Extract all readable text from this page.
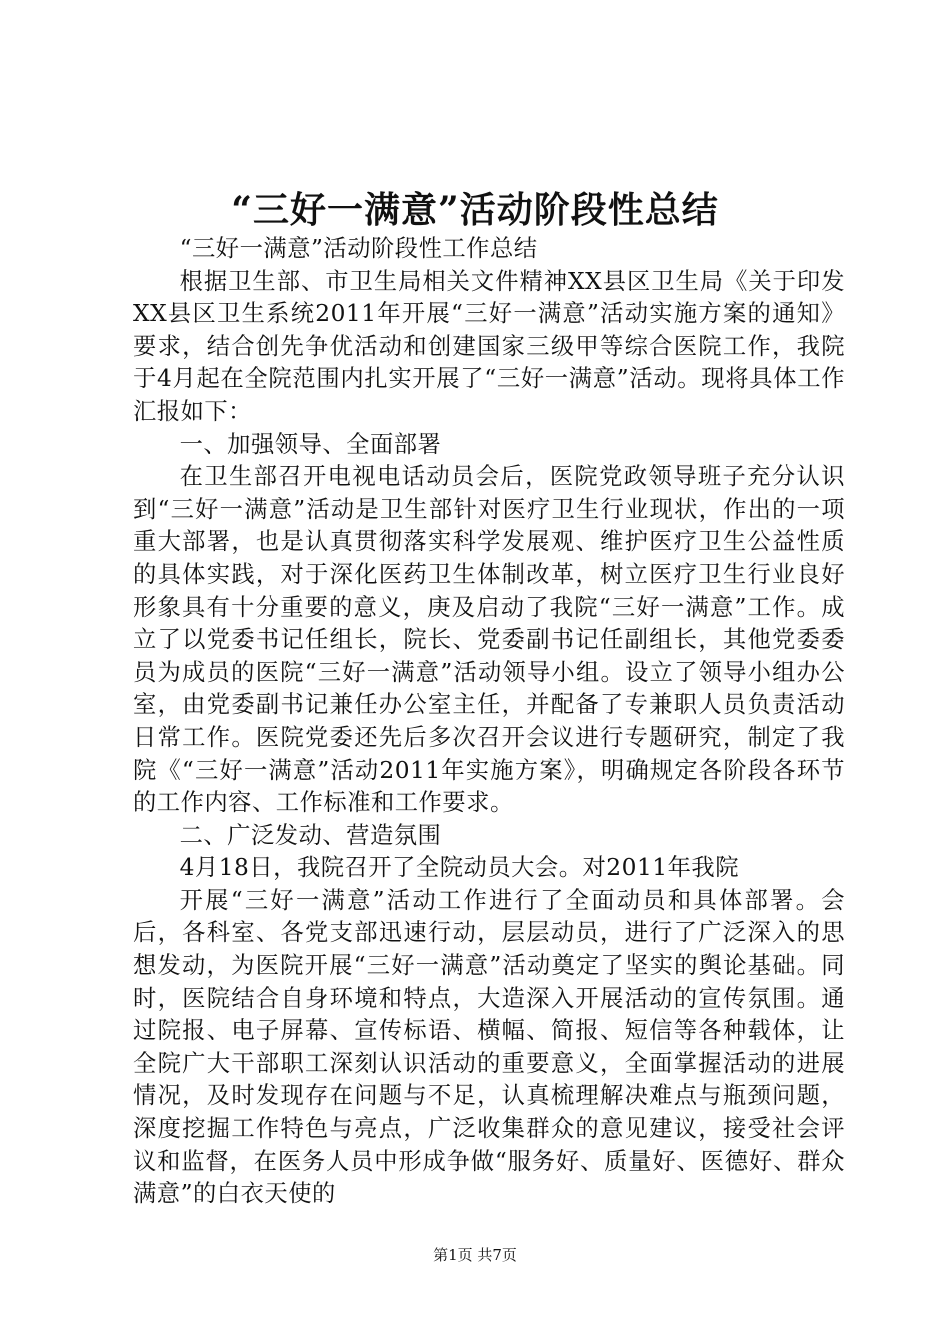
“三好一满意”活动阶段性总结

“三好一满意”活动阶段性工作总结

根据卫生部、市卫生局相关文件精神XX县区卫生局《关于印发XX县区卫生系统2011年开展“三好一满意”活动实施方案的通知》要求，结合创先争优活动和创建国家三级甲等综合医院工作，我院于4月起在全院范围内扎实开展了“三好一满意”活动。现将具体工作汇报如下：

一、加强领导、全面部署

在卫生部召开电视电话动员会后，医院党政领导班子充分认识到“三好一满意”活动是卫生部针对医疗卫生行业现状，作出的一项重大部署，也是认真贯彻落实科学发展观、维护医疗卫生公益性质的具体实践，对于深化医药卫生体制改革，树立医疗卫生行业良好形象具有十分重要的意义，庚及启动了我院“三好一满意”工作。成立了以党委书记任组长，院长、党委副书记任副组长，其他党委委员为成员的医院“三好一满意”活动领导小组。设立了领导小组办公室，由党委副书记兼任办公室主任，并配备了专兼职人员负责活动日常工作。医院党委还先后多次召开会议进行专题研究，制定了我院《“三好一满意”活动2011年实施方案》，明确规定各阶段各环节的工作内容、工作标准和工作要求。

二、广泛发动、营造氛围

4月18日，我院召开了全院动员大会。对2011年我院

开展“三好一满意”活动工作进行了全面动员和具体部署。会后，各科室、各党支部迅速行动，层层动员，进行了广泛深入的思想发动，为医院开展“三好一满意”活动奠定了坚实的舆论基础。同时，医院结合自身环境和特点，大造深入开展活动的宣传氛围。通过院报、电子屏幕、宣传标语、横幅、简报、短信等各种载体，让全院广大干部职工深刻认识活动的重要意义，全面掌握活动的进展情况，及时发现存在问题与不足，认真梳理解决难点与瓶颈问题，深度挖掘工作特色与亮点，广泛收集群众的意见建议，接受社会评议和监督，在医务人员中形成争做“服务好、质量好、医德好、群众满意”的白衣天使的

第1页 共7页
